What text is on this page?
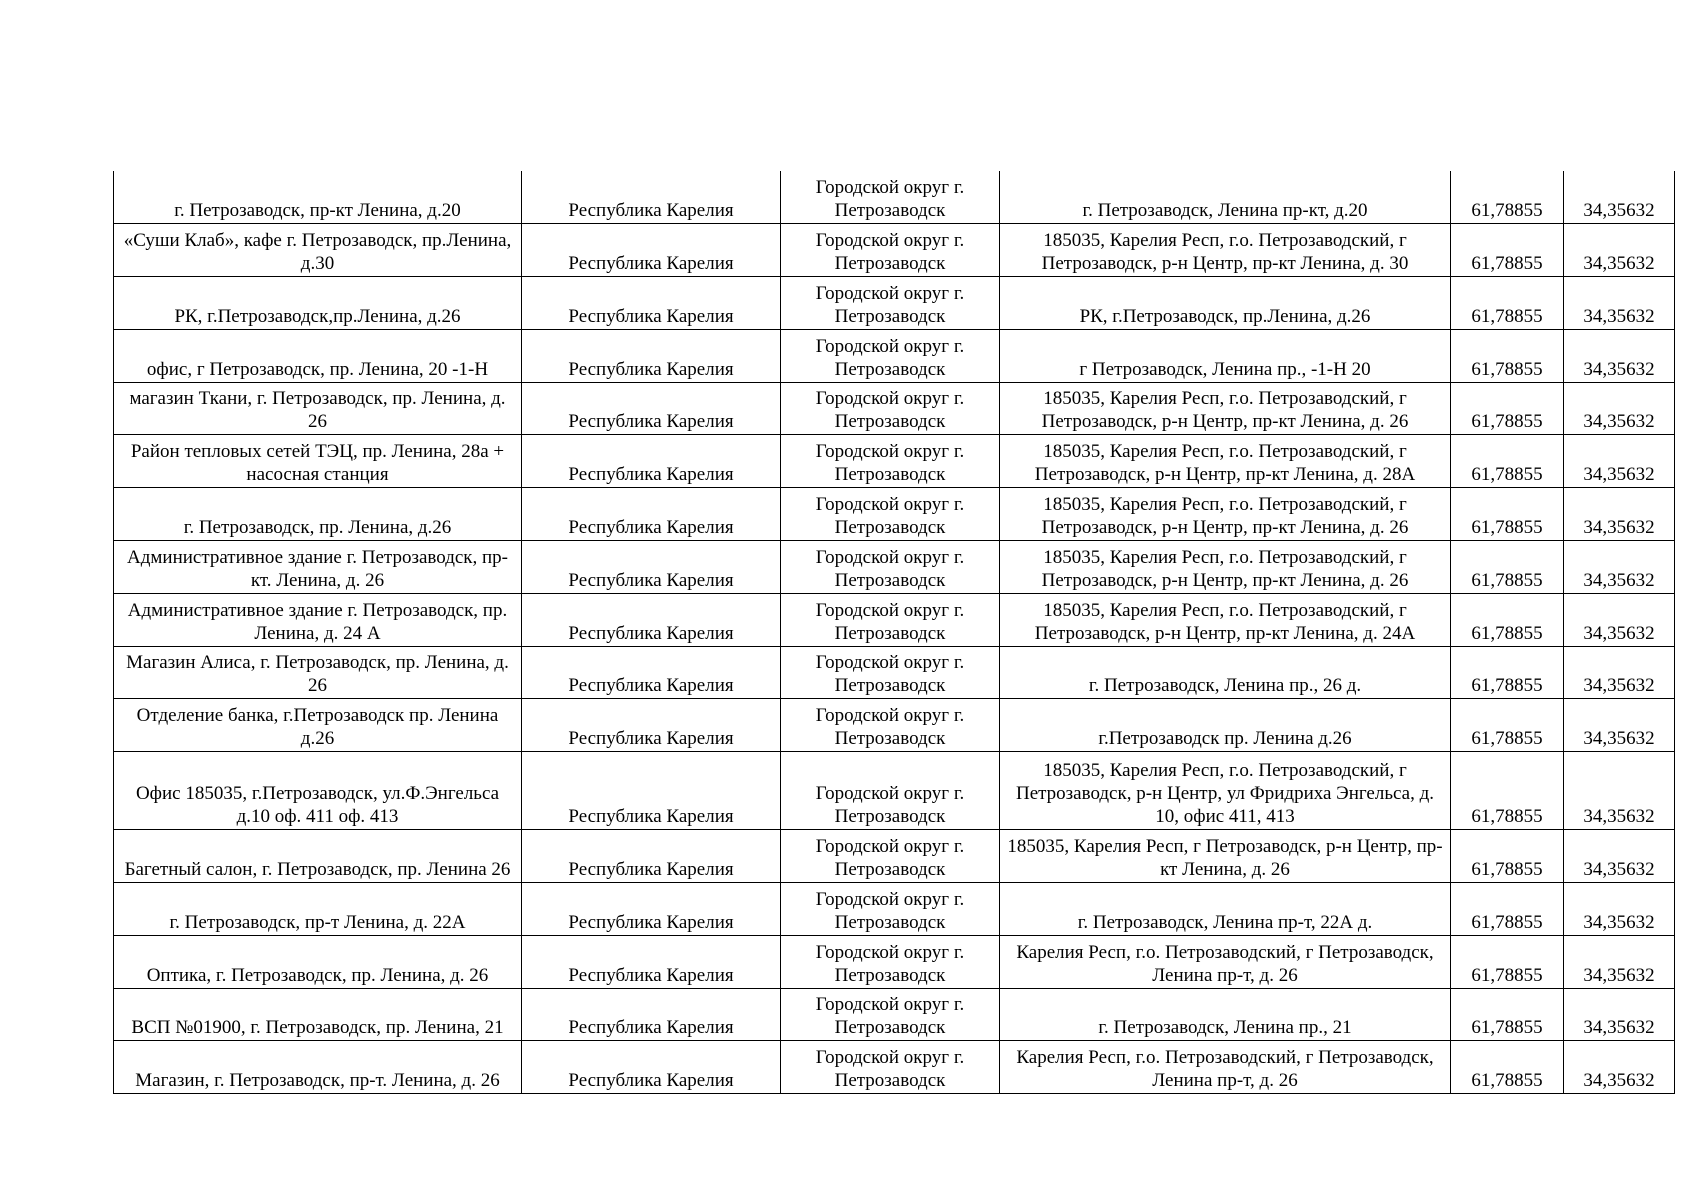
г. Петрозаводск, пр-кт Ленина, д.20	Республика Карелия	Городской округ г. Петрозаводск	г. Петрозаводск, Ленина пр-кт, д.20	61,78855	34,35632
«Суши Клаб», кафе г. Петрозаводск, пр.Ленина, д.30	Республика Карелия	Городской округ г. Петрозаводск	185035, Карелия Респ, г.о. Петрозаводский, г Петрозаводск, р-н Центр, пр-кт Ленина, д. 30	61,78855	34,35632
РК, г.Петрозаводск,пр.Ленина, д.26	Республика Карелия	Городской округ г. Петрозаводск	РК, г.Петрозаводск, пр.Ленина, д.26	61,78855	34,35632
офис, г Петрозаводск, пр. Ленина, 20 -1-Н	Республика Карелия	Городской округ г. Петрозаводск	г Петрозаводск, Ленина пр., -1-Н 20	61,78855	34,35632
магазин Ткани, г. Петрозаводск, пр. Ленина, д. 26	Республика Карелия	Городской округ г. Петрозаводск	185035, Карелия Респ, г.о. Петрозаводский, г Петрозаводск, р-н Центр, пр-кт Ленина, д. 26	61,78855	34,35632
Район тепловых сетей ТЭЦ, пр. Ленина, 28а + насосная станция	Республика Карелия	Городской округ г. Петрозаводск	185035, Карелия Респ, г.о. Петрозаводский, г Петрозаводск, р-н Центр, пр-кт Ленина, д. 28А	61,78855	34,35632
г. Петрозаводск, пр. Ленина, д.26	Республика Карелия	Городской округ г. Петрозаводск	185035, Карелия Респ, г.о. Петрозаводский, г Петрозаводск, р-н Центр, пр-кт Ленина, д. 26	61,78855	34,35632
Административное здание г. Петрозаводск, пр-кт. Ленина, д. 26	Республика Карелия	Городской округ г. Петрозаводск	185035, Карелия Респ, г.о. Петрозаводский, г Петрозаводск, р-н Центр, пр-кт Ленина, д. 26	61,78855	34,35632
Административное здание г. Петрозаводск, пр. Ленина, д. 24 А	Республика Карелия	Городской округ г. Петрозаводск	185035, Карелия Респ, г.о. Петрозаводский, г Петрозаводск, р-н Центр, пр-кт Ленина, д. 24А	61,78855	34,35632
Магазин Алиса, г. Петрозаводск, пр. Ленина, д. 26	Республика Карелия	Городской округ г. Петрозаводск	г. Петрозаводск, Ленина пр., 26 д.	61,78855	34,35632
Отделение банка, г.Петрозаводск пр. Ленина д.26	Республика Карелия	Городской округ г. Петрозаводск	г.Петрозаводск пр. Ленина д.26	61,78855	34,35632
Офис 185035, г.Петрозаводск, ул.Ф.Энгельса д.10 оф. 411 оф. 413	Республика Карелия	Городской округ г. Петрозаводск	185035, Карелия Респ, г.о. Петрозаводский, г Петрозаводск, р-н Центр, ул Фридриха Энгельса, д. 10, офис 411, 413	61,78855	34,35632
Багетный салон, г. Петрозаводск, пр. Ленина 26	Республика Карелия	Городской округ г. Петрозаводск	185035, Карелия Респ, г Петрозаводск, р-н Центр, пр-кт Ленина, д. 26	61,78855	34,35632
г. Петрозаводск, пр-т Ленина, д. 22А	Республика Карелия	Городской округ г. Петрозаводск	г. Петрозаводск, Ленина пр-т, 22А д.	61,78855	34,35632
Оптика, г. Петрозаводск, пр. Ленина, д. 26	Республика Карелия	Городской округ г. Петрозаводск	Карелия Респ, г.о. Петрозаводский, г Петрозаводск, Ленина пр-т, д. 26	61,78855	34,35632
ВСП №01900, г. Петрозаводск, пр. Ленина, 21	Республика Карелия	Городской округ г. Петрозаводск	г. Петрозаводск, Ленина пр., 21	61,78855	34,35632
Магазин, г. Петрозаводск, пр-т. Ленина, д. 26	Республика Карелия	Городской округ г. Петрозаводск	Карелия Респ, г.о. Петрозаводский, г Петрозаводск, Ленина пр-т, д. 26	61,78855	34,35632
